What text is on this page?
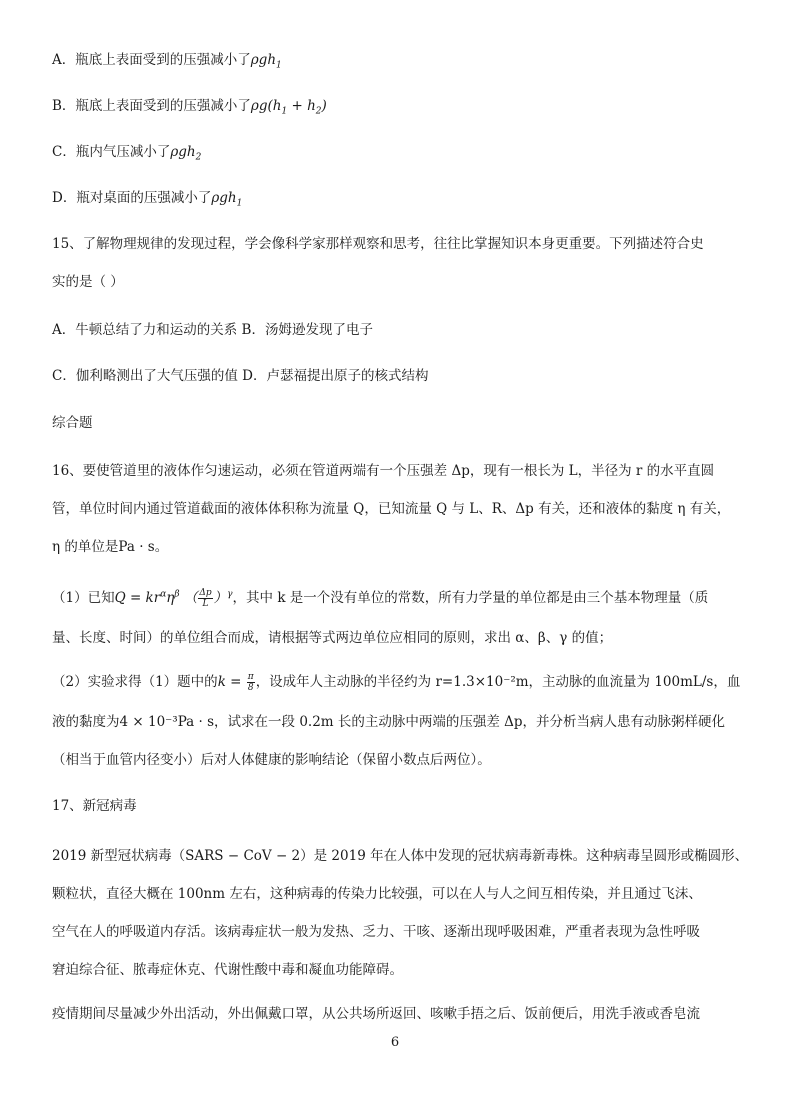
A．瓶底上表面受到的压强减小了ρgh$_1$
B．瓶底上表面受到的压强减小了$\rho g(h_1 + h_2)$
C．瓶内气压减小了ρgh$_2$
D．瓶对桌面的压强减小了ρgh$_1$
15、了解物理规律的发现过程，学会像科学家那样观察和思考，往往比掌握知识本身更重要。下列描述符合史
实的是（ ）
A．牛顿总结了力和运动的关系 B．汤姆逊发现了电子
C．伽利略测出了大气压强的值 D．卢瑟福提出原子的核式结构
综合题
16、要使管道里的液体作匀速运动，必须在管道两端有一个压强差 Δp，现有一根长为 L，半径为 r 的水平直圆
管，单位时间内通过管道截面的液体体积称为流量 Q，已知流量 Q 与 L、R、Δp 有关，还和液体的黏度 η 有关，
η 的单位是Pa · s。
（1）已知$Q = kr^\alpha\eta^\beta$ （ $\frac{\Delta p}{L} )^\gamma$，其中 k 是一个没有单位的常数，所有力学量的单位都是由三个基本物理量（质
量、长度、时间）的单位组合而成，请根据等式两边单位应相同的原则，求出 α、β、γ 的值；
（2）实验求得（1）题中的$k = \frac{\pi}{8}$ ，设成年人主动脉的半径约为 r=1.3×10⁻²m，主动脉的血流量为 100mL/s，血
液的黏度为4 × 10⁻³Pa · s，试求在一段 0.2m 长的主动脉中两端的压强差 Δp，并分析当病人患有动脉粥样硬化
（相当于血管内径变小）后对人体健康的影响结论（保留小数点后两位）。
17、新冠病毒
2019 新型冠状病毒（SARS − CoV − 2）是 2019 年在人体中发现的冠状病毒新毒株。这种病毒呈圆形或椭圆形、
颗粒状，直径大概在 100nm 左右，这种病毒的传染力比较强，可以在人与人之间互相传染，并且通过飞沫、
空气在人的呼吸道内存活。该病毒症状一般为发热、乏力、干咳、逐渐出现呼吸困难，严重者表现为急性呼吸
窘迫综合征、脓毒症休克、代谢性酸中毒和凝血功能障碍。
疫情期间尽量减少外出活动，外出佩戴口罩，从公共场所返回、咳嗽手捂之后、饭前便后，用洗手液或香皂流
6
